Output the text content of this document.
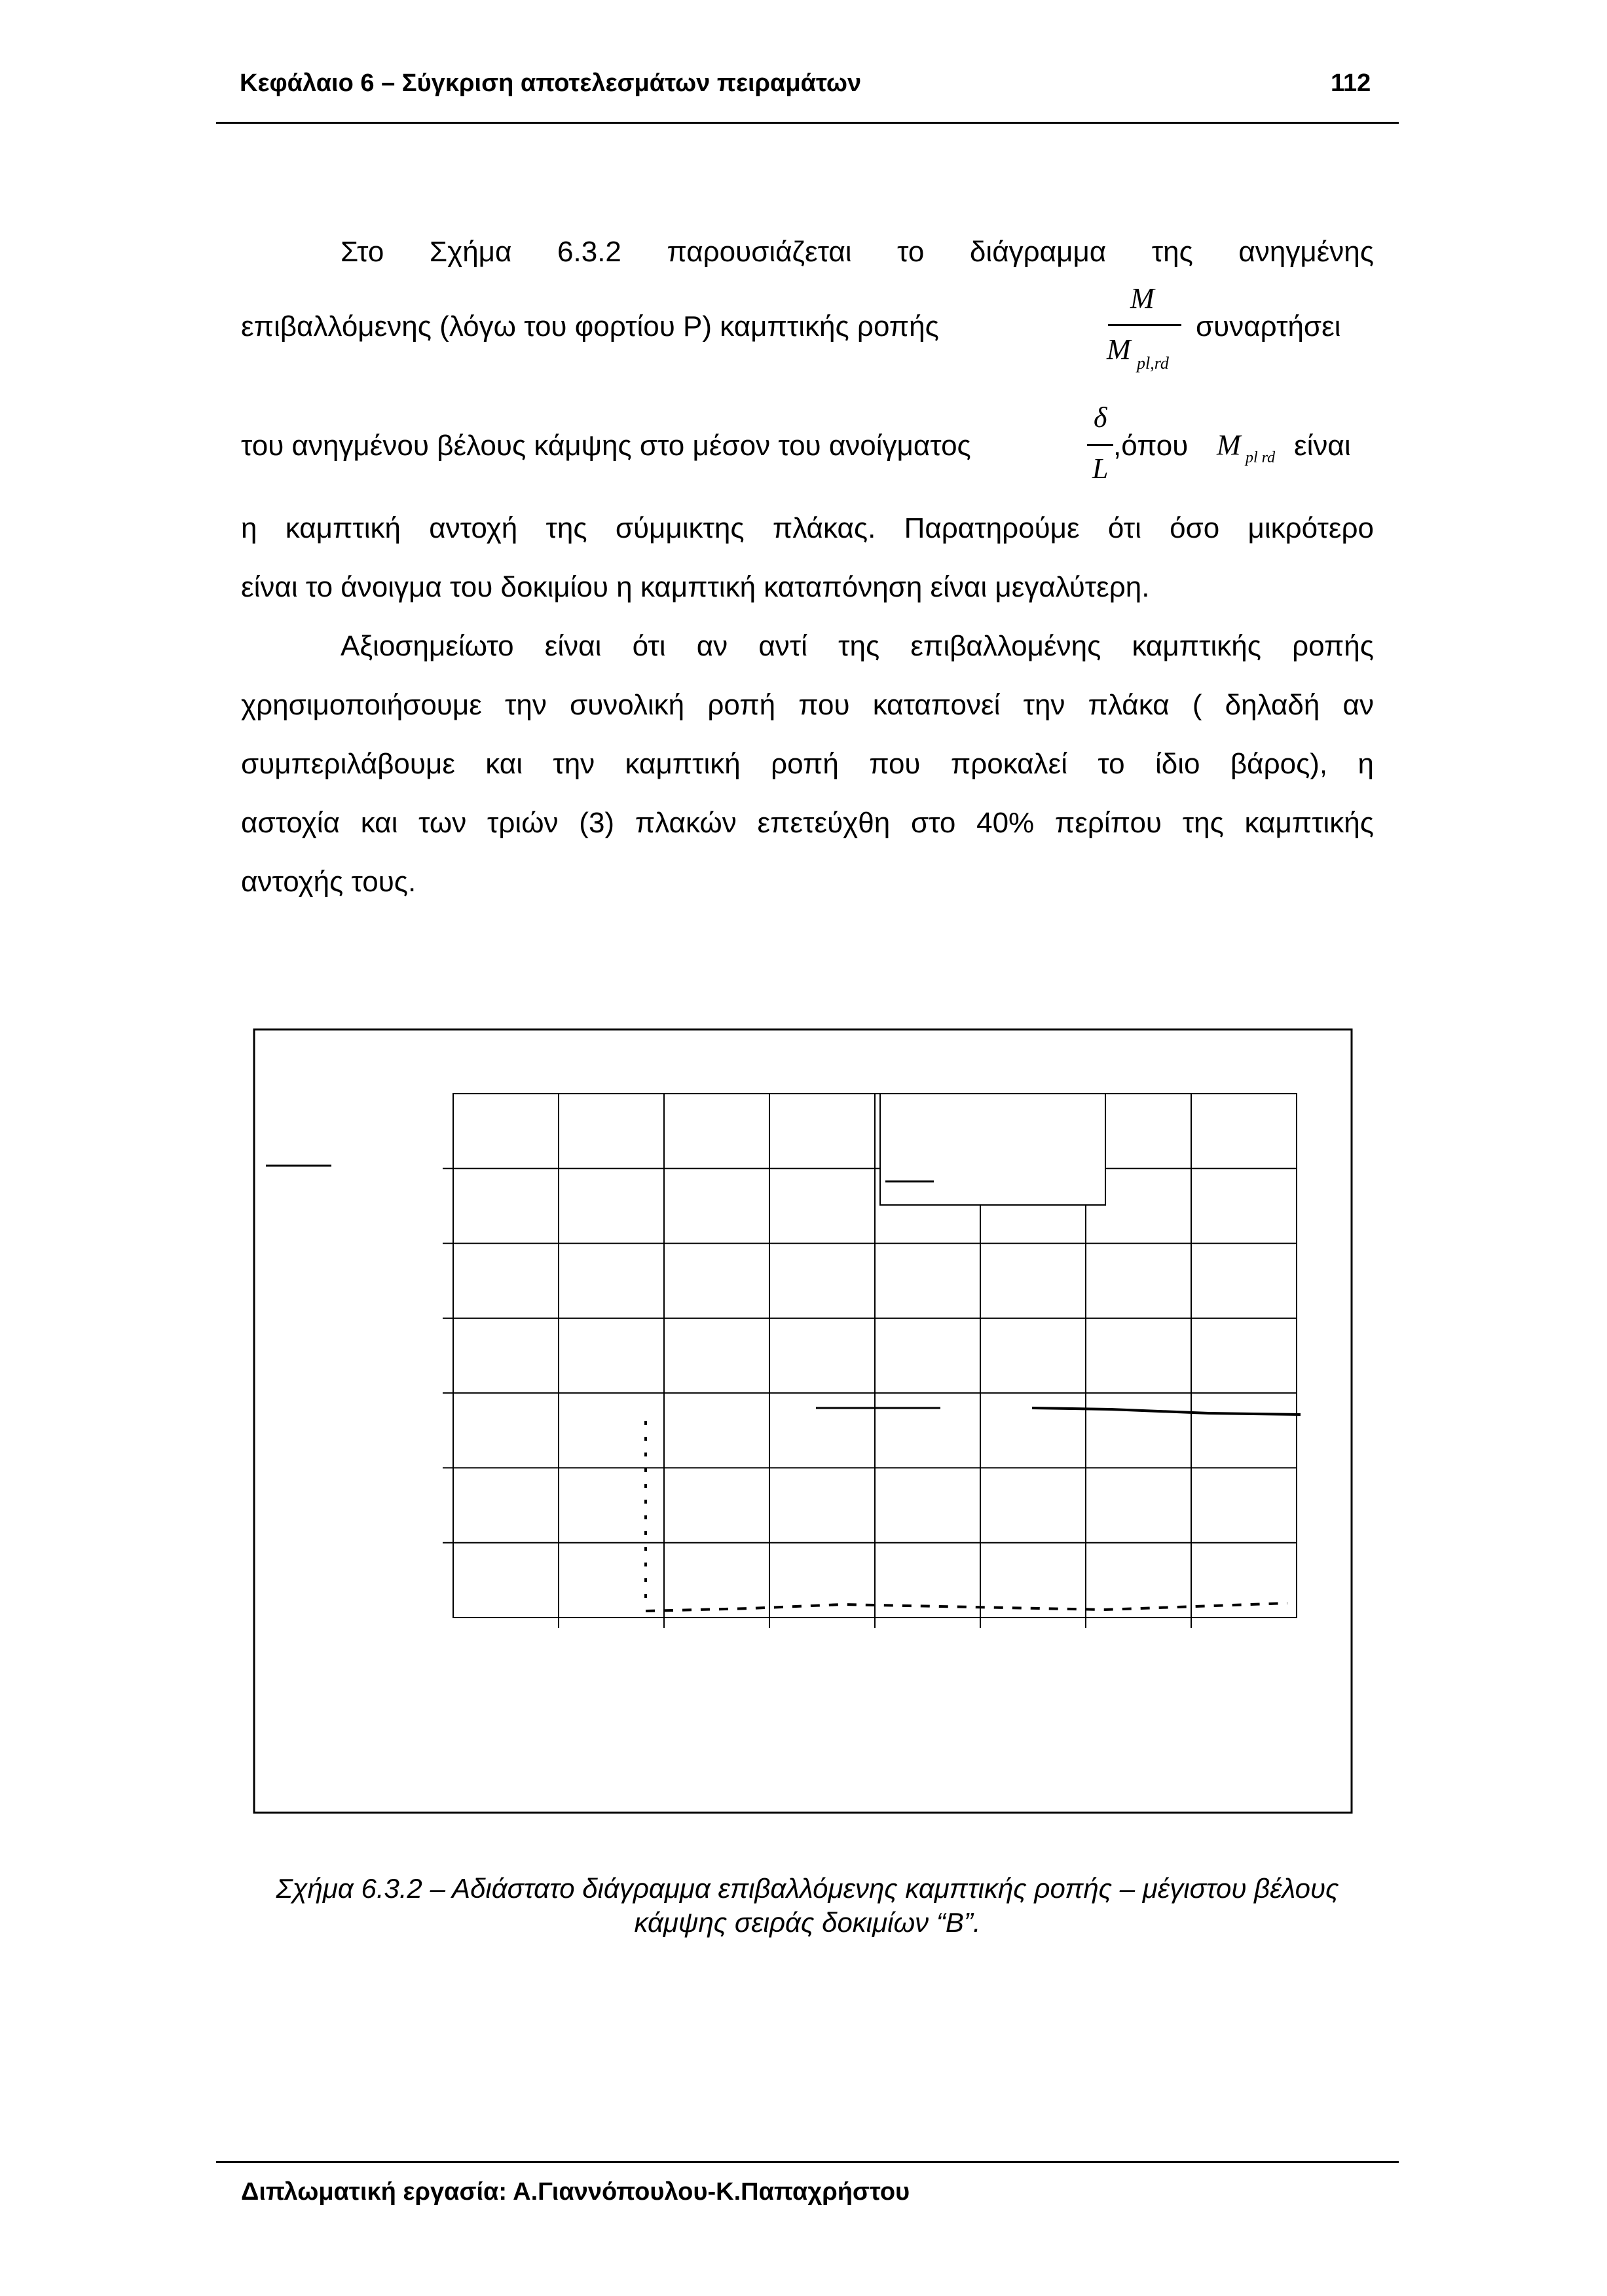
Κεφάλαιο 6 – Σύγκριση αποτελεσμάτων πειραμάτων	112
Στο Σχήμα 6.3.2 παρουσιάζεται το διάγραμμα της ανηγμένης
επιβαλλόμενης (λόγω του φορτίου P) καμπτικής ροπής
M
M pl,rd
συναρτήσει
του ανηγμένου βέλους κάμψης στο μέσον του ανοίγματος
δ
L
,όπου M pl rd είναι
η καμπτική αντοχή της σύμμικτης πλάκας. Παρατηρούμε ότι όσο μικρότερο
είναι το άνοιγμα του δοκιμίου η καμπτική καταπόνηση είναι μεγαλύτερη.
Αξιοσημείωτο είναι ότι αν αντί της επιβαλλομένης καμπτικής ροπής
χρησιμοποιήσουμε την συνολική ροπή που καταπονεί την πλάκα ( δηλαδή αν
συμπεριλάβουμε και την καμπτική ροπή που προκαλεί το ίδιο βάρος), η
αστοχία και των τριών (3) πλακών επετεύχθη στο 40% περίπου της καμπτικής
αντοχής τους.
Σχήμα 6.3.2 – Αδιάστατο διάγραμμα επιβαλλόμενης καμπτικής ροπής – μέγιστου βέλους
κάμψης σειράς δοκιμίων “B”.
Διπλωματική εργασία: Α.Γιαννόπουλου-Κ.Παπαχρήστου
